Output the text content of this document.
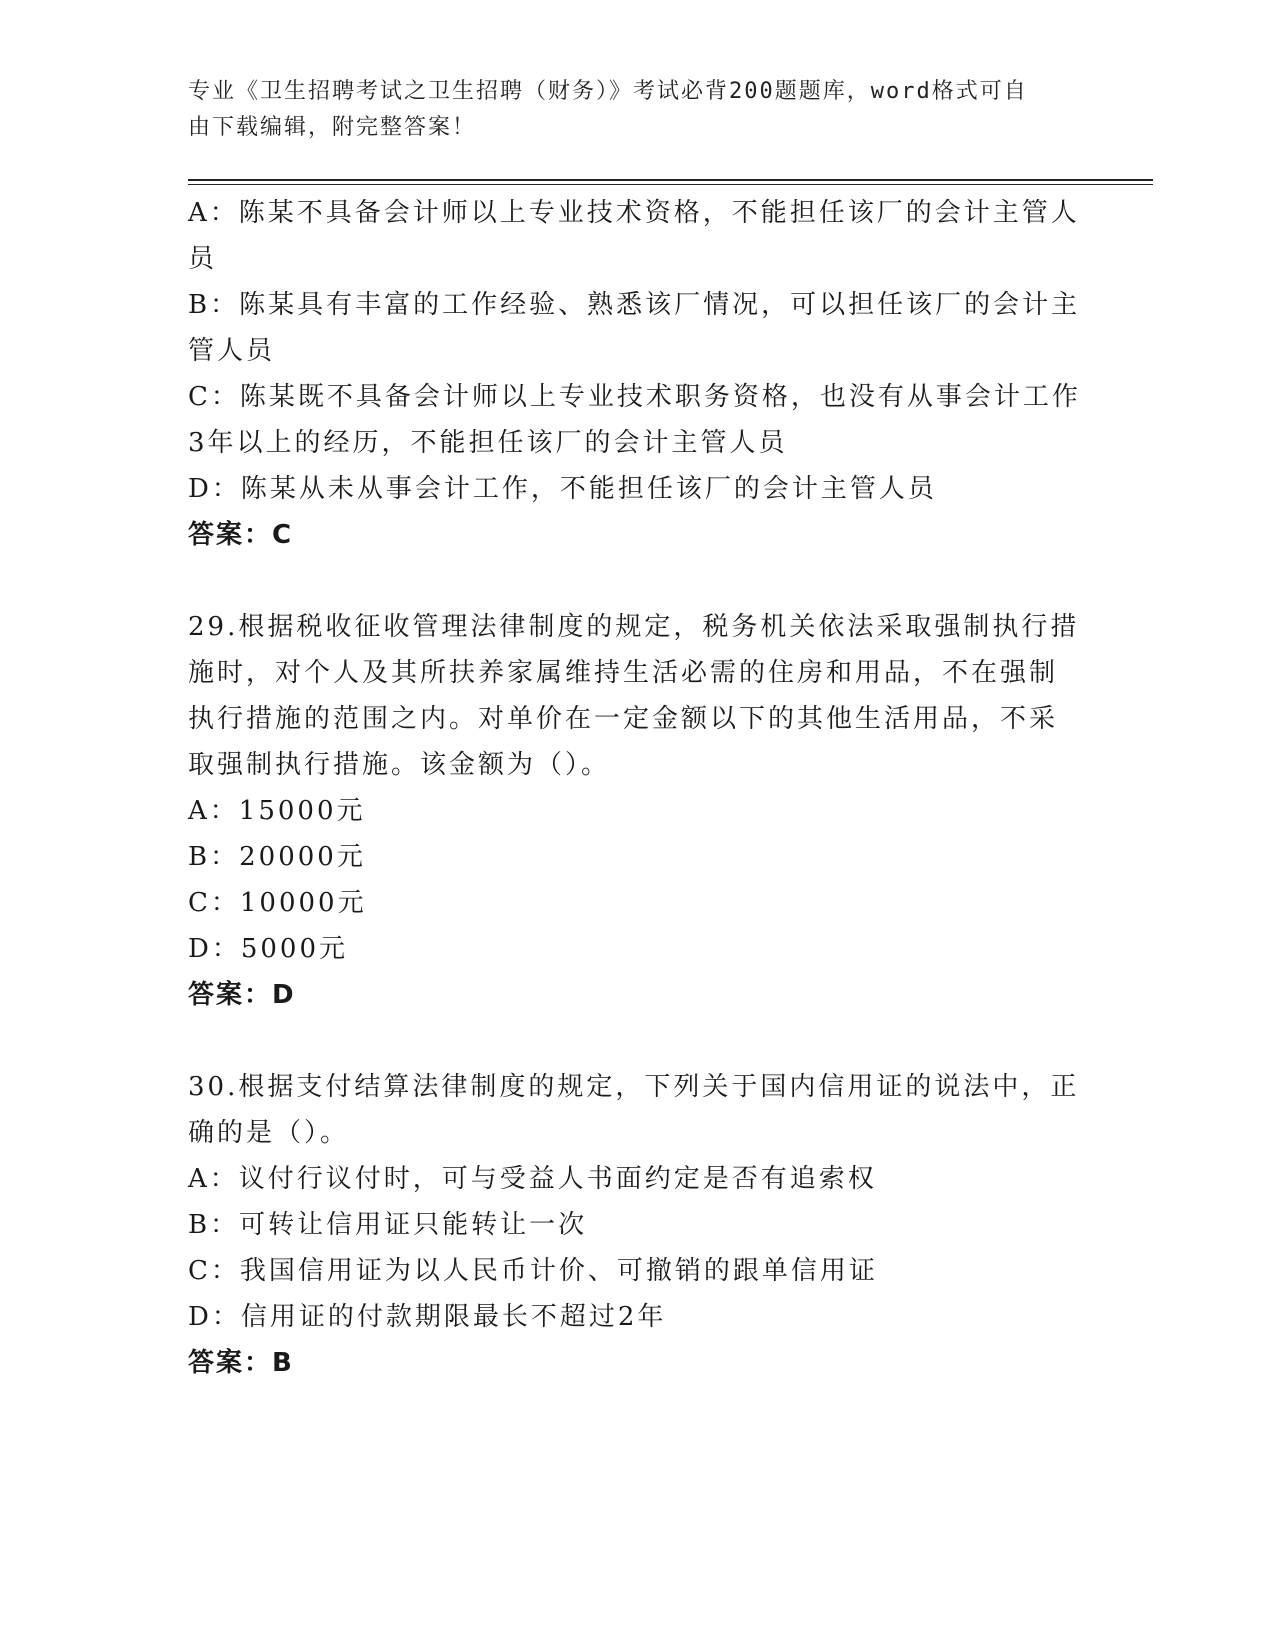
专业《卫生招聘考试之卫生招聘（财务）》考试必背200题题库，word格式可自
由下载编辑，附完整答案！

A：陈某不具备会计师以上专业技术资格，不能担任该厂的会计主管人员

B：陈某具有丰富的工作经验、熟悉该厂情况，可以担任该厂的会计主管人员

C：陈某既不具备会计师以上专业技术职务资格，也没有从事会计工作3年以上的经历，不能担任该厂的会计主管人员

D：陈某从未从事会计工作，不能担任该厂的会计主管人员

答案：C

29.根据税收征收管理法律制度的规定，税务机关依法采取强制执行措施时，对个人及其所扶养家属维持生活必需的住房和用品，不在强制执行措施的范围之内。对单价在一定金额以下的其他生活用品，不采取强制执行措施。该金额为（）。

A：15000元

B：20000元

C：10000元

D：5000元

答案：D

30.根据支付结算法律制度的规定，下列关于国内信用证的说法中，正确的是（）。

A：议付行议付时，可与受益人书面约定是否有追索权

B：可转让信用证只能转让一次

C：我国信用证为以人民币计价、可撤销的跟单信用证

D：信用证的付款期限最长不超过2年

答案：B
